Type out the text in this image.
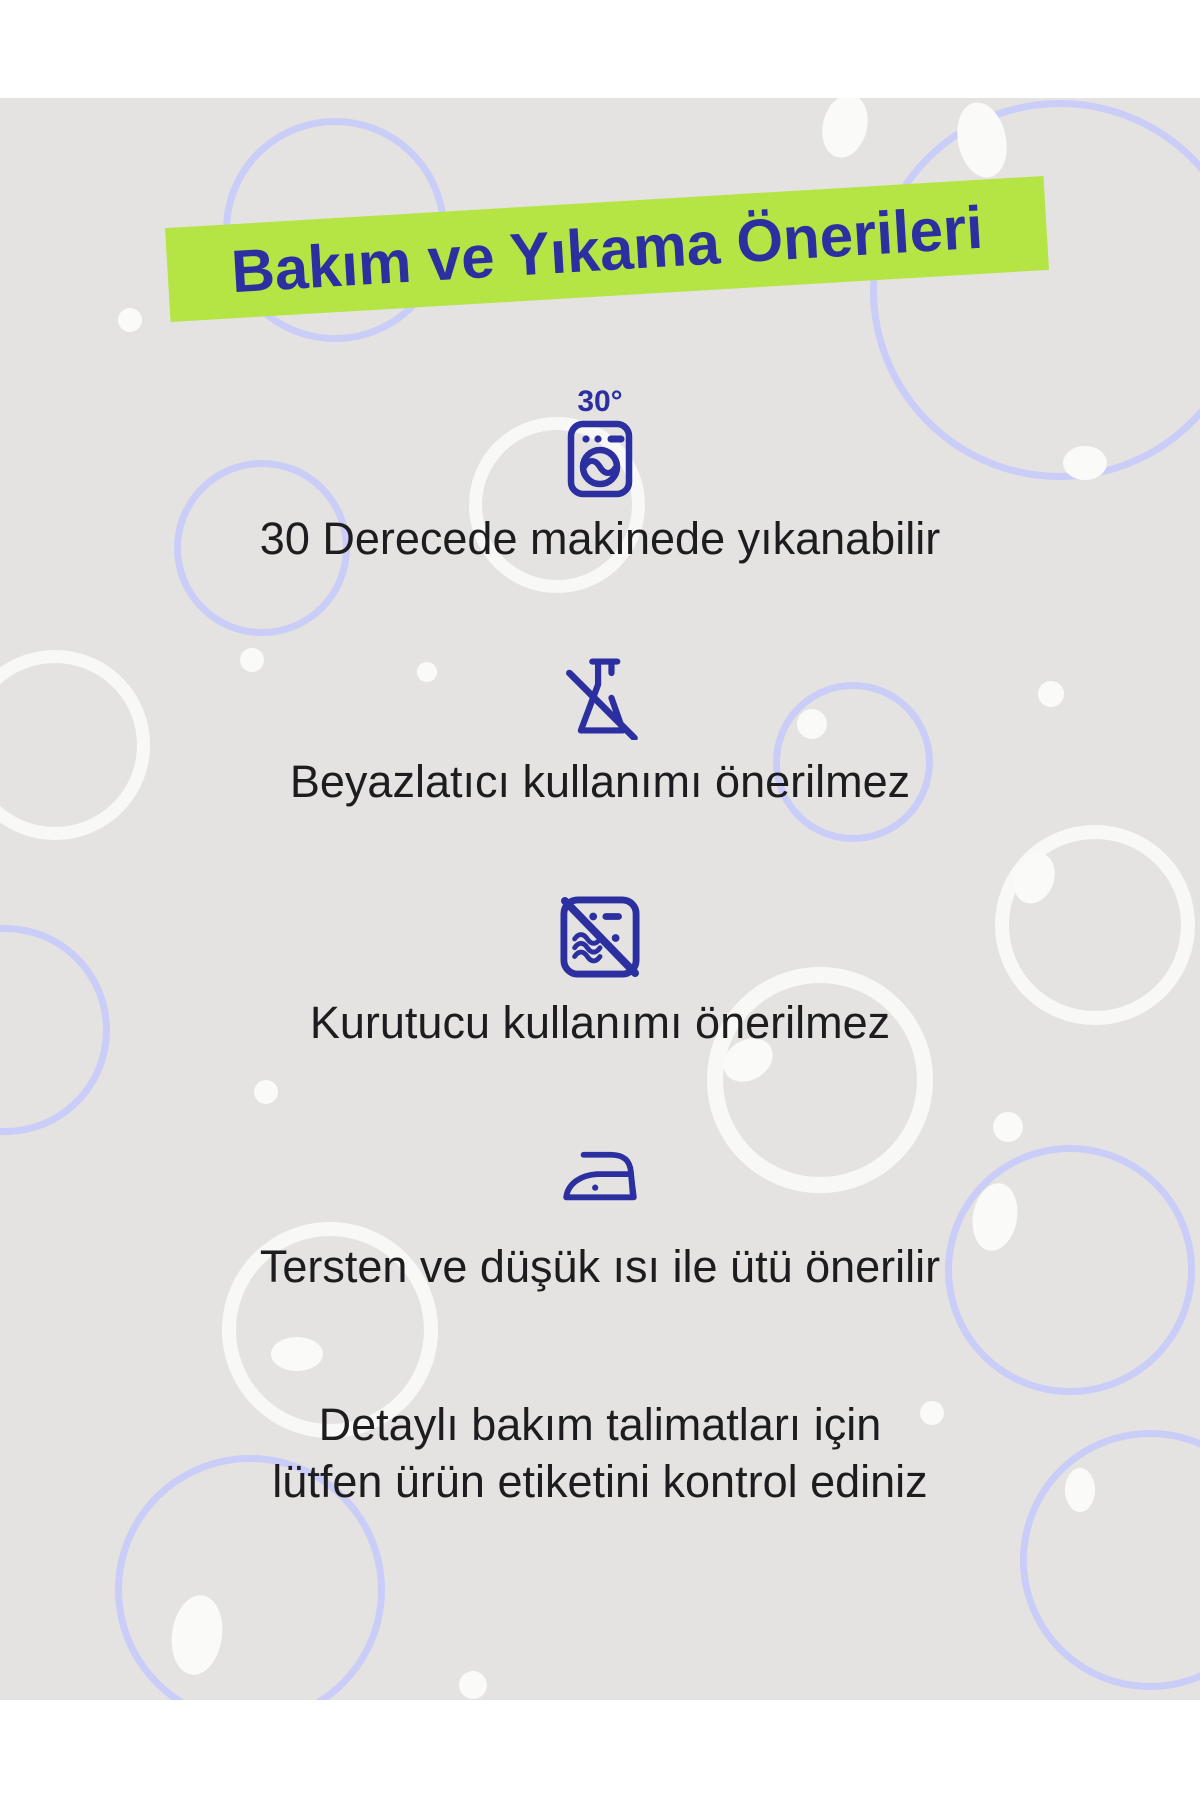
Bakım ve Yıkama Önerileri
30°
30 Derecede makinede yıkanabilir
Beyazlatıcı kullanımı önerilmez
Kurutucu kullanımı önerilmez
Tersten ve düşük ısı ile ütü önerilir
Detaylı bakım talimatları için
lütfen ürün etiketini kontrol ediniz
